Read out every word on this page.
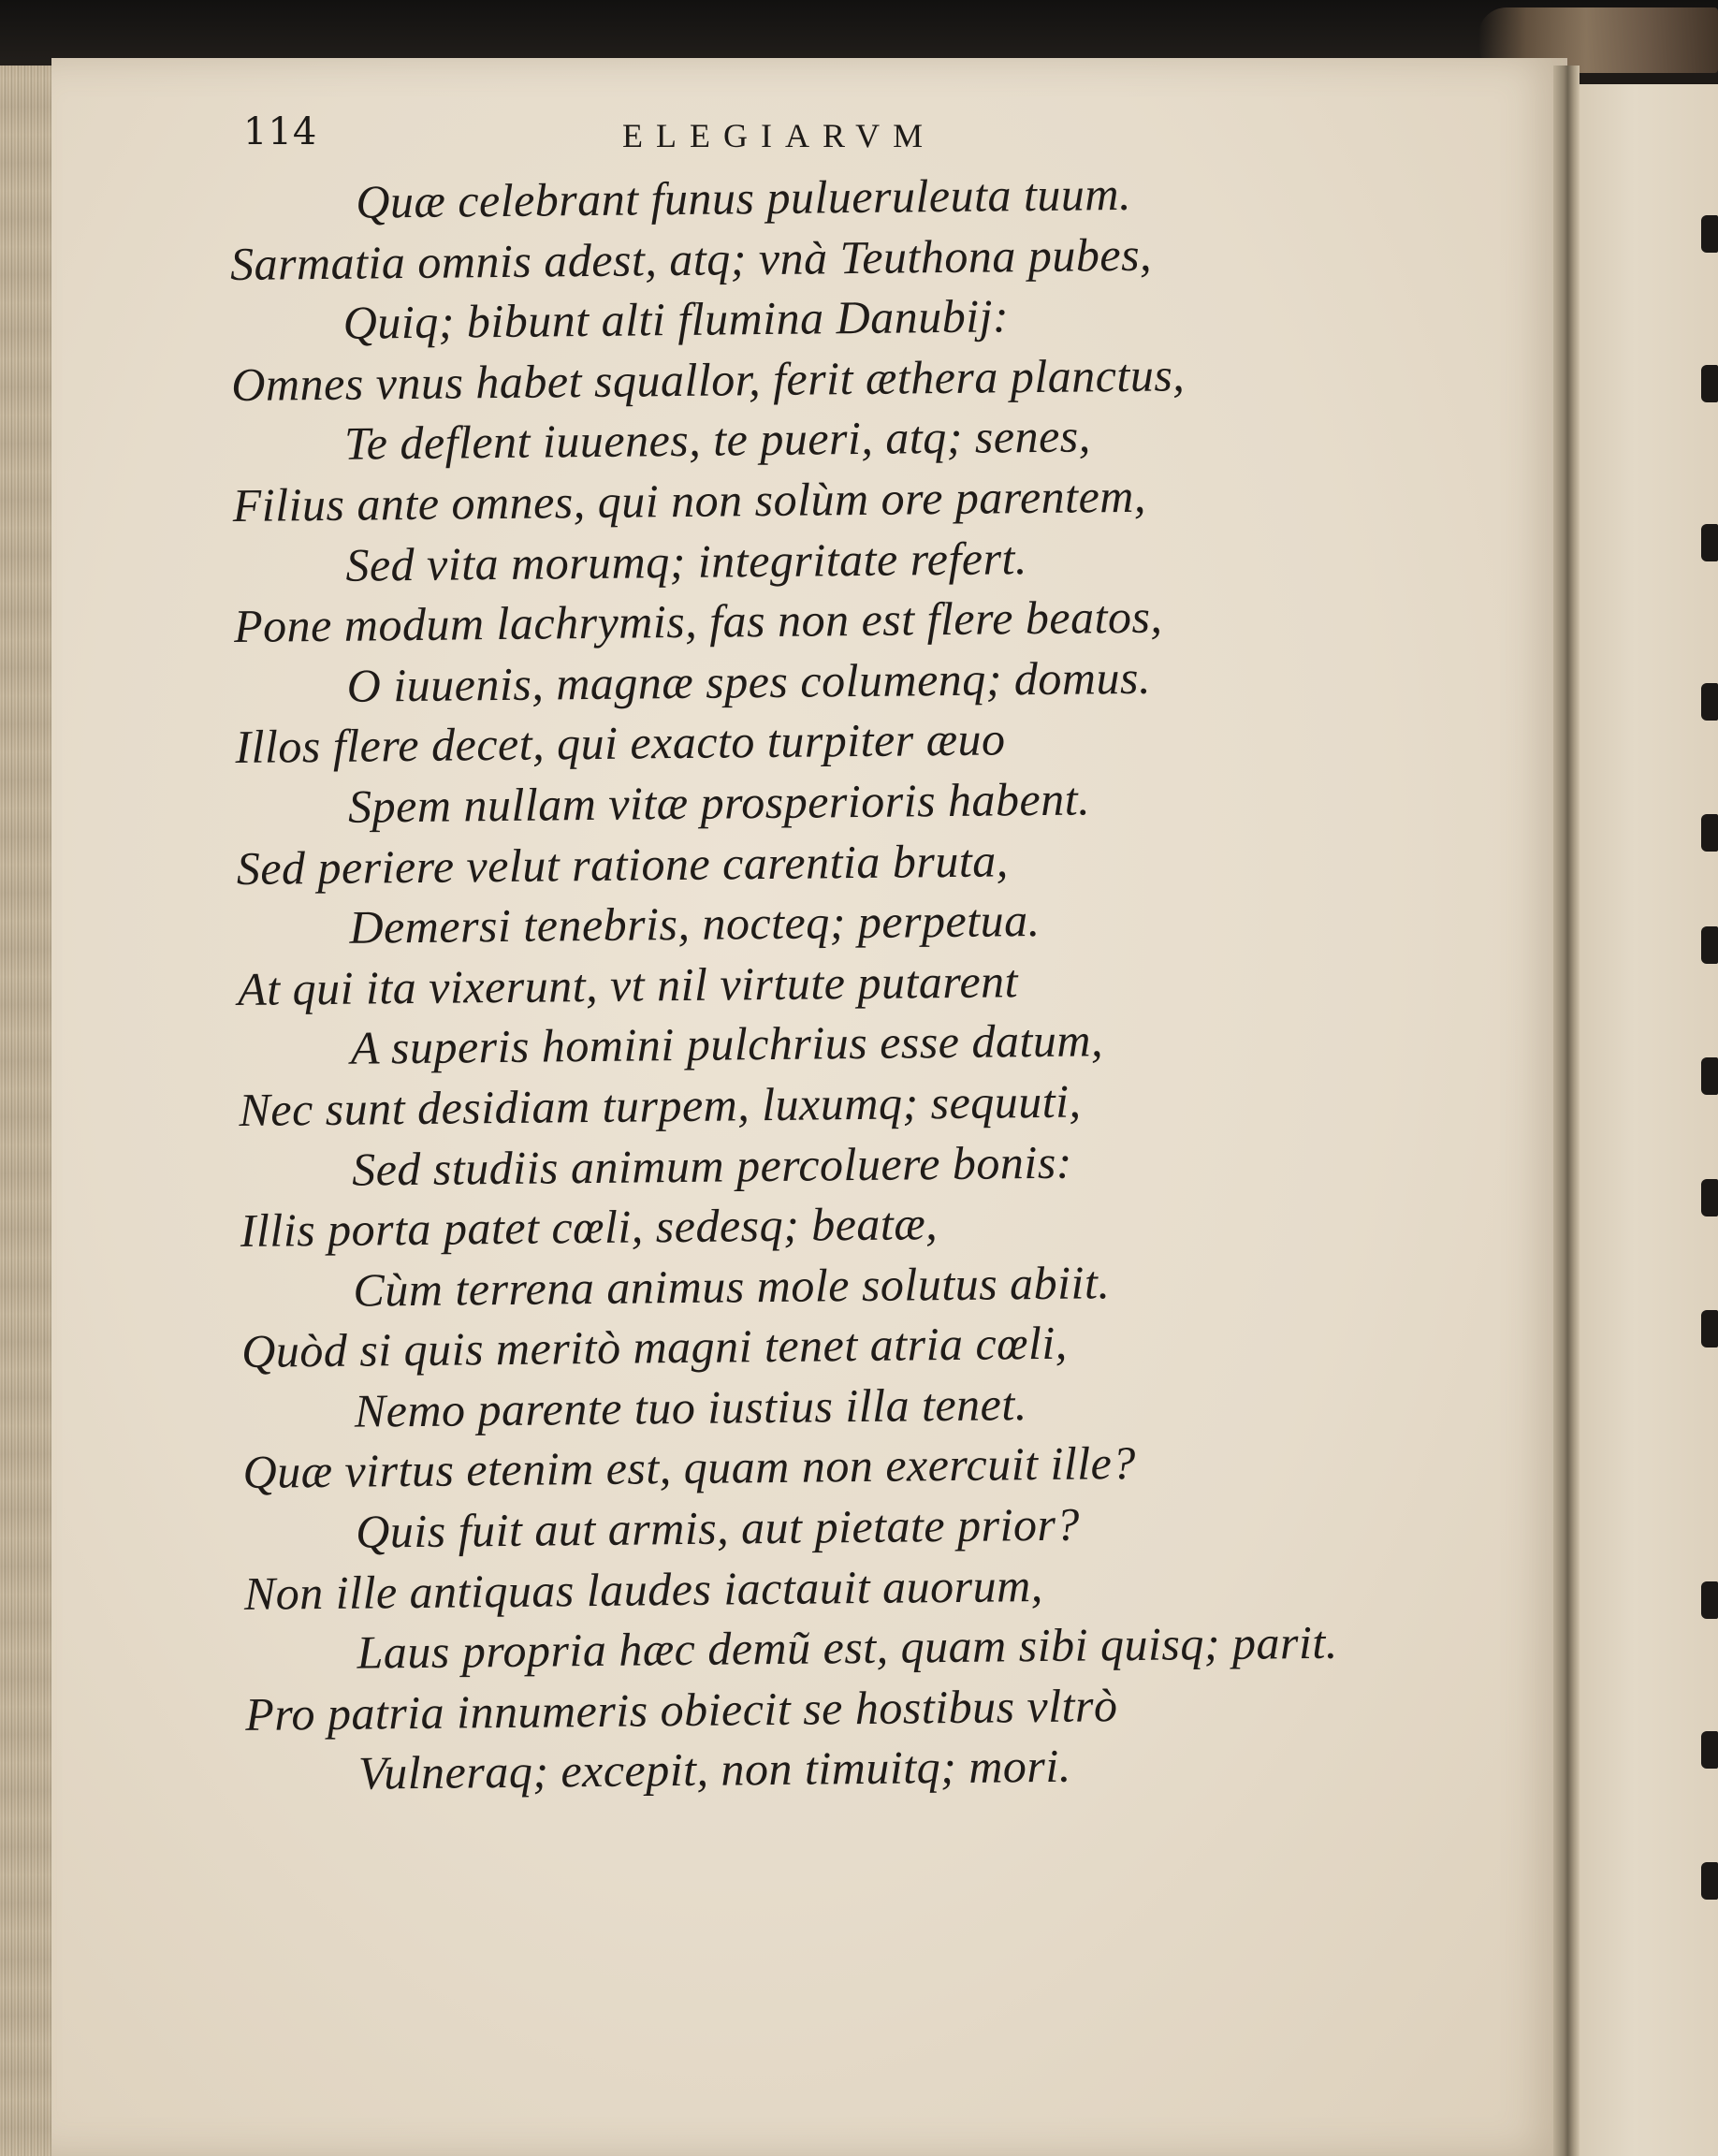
114	ELEGIARVM
Quæ celebrant funus pulueruleuta tuum.
Sarmatia omnis adest, atq; vnà Teuthona pubes,
Quiq; bibunt alti flumina Danubij:
Omnes vnus habet squallor, ferit æthera planctus,
Te deflent iuuenes, te pueri, atq; senes,
Filius ante omnes, qui non solùm ore parentem,
Sed vita morumq; integritate refert.
Pone modum lachrymis, fas non est flere beatos,
O iuuenis, magnæ spes columenq; domus.
Illos flere decet, qui exacto turpiter æuo
Spem nullam vitæ prosperioris habent.
Sed periere velut ratione carentia bruta,
Demersi tenebris, nocteq; perpetua.
At qui ita vixerunt, vt nil virtute putarent
A superis homini pulchrius esse datum,
Nec sunt desidiam turpem, luxumq; sequuti,
Sed studiis animum percoluere bonis:
Illis porta patet cœli, sedesq; beatæ,
Cùm terrena animus mole solutus abiit.
Quòd si quis meritò magni tenet atria cœli,
Nemo parente tuo iustius illa tenet.
Quæ virtus etenim est, quam non exercuit ille?
Quis fuit aut armis, aut pietate prior?
Non ille antiquas laudes iactauit auorum,
Laus propria hæc demũ est, quam sibi quisq; parit.
Pro patria innumeris obiecit se hostibus vltrò
Vulneraq; excepit, non timuitq; mori.
